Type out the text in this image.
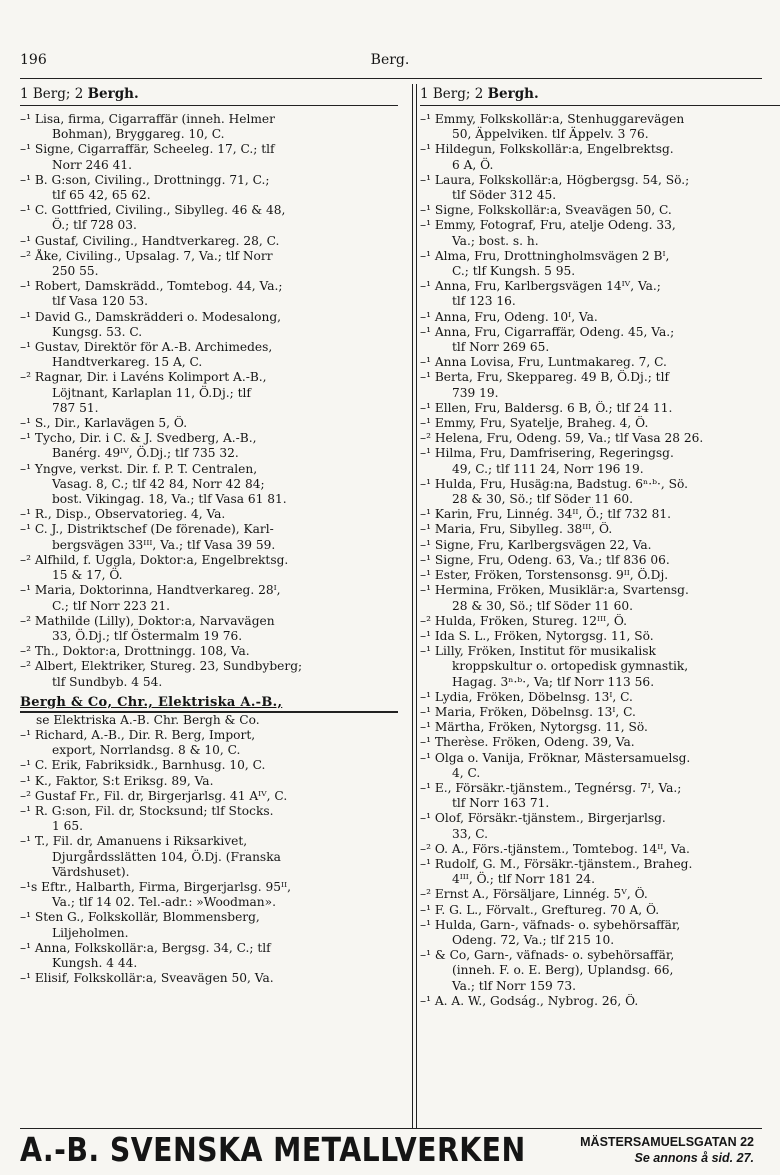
196	Berg.
1 Berg; 2 Bergh.
–¹ Lisa, firma, Cigarraffär (inneh. Helmer
Bohman), Bryggareg. 10, C.
–¹ Signe, Cigarraffär, Scheeleg. 17, C.; tlf
Norr 246 41.
–¹ B. G:son, Civiling., Drottningg. 71, C.;
tlf 65 42, 65 62.
–¹ C. Gottfried, Civiling., Sibylleg. 46 & 48,
Ö.; tlf 728 03.
–¹ Gustaf, Civiling., Handtverkareg. 28, C.
–² Åke, Civiling., Upsalag. 7, Va.; tlf Norr
250 55.
–¹ Robert, Damskrädd., Tomtebog. 44, Va.;
tlf Vasa 120 53.
–¹ David G., Damskrädderi o. Modesalong,
Kungsg. 53. C.
–¹ Gustav, Direktör för A.-B. Archimedes,
Handtverkareg. 15 A, C.
–² Ragnar, Dir. i Lavéns Kolimport A.-B.,
Löjtnant, Karlaplan 11, Ö.Dj.; tlf
787 51.
–¹ S., Dir., Karlavägen 5, Ö.
–¹ Tycho, Dir. i C. & J. Svedberg, A.-B.,
Banérg. 49ᴵⱽ, Ö.Dj.; tlf 735 32.
–¹ Yngve, verkst. Dir. f. P. T. Centralen,
Vasag. 8, C.; tlf 42 84, Norr 42 84;
bost. Vikingag. 18, Va.; tlf Vasa 61 81.
–¹ R., Disp., Observatorieg. 4, Va.
–¹ C. J., Distriktschef (De förenade), Karl-
bergsvägen 33ᴵᴵᴵ, Va.; tlf Vasa 39 59.
–² Alfhild, f. Uggla, Doktor:a, Engelbrektsg.
15 & 17, Ö.
–¹ Maria, Doktorinna, Handtverkareg. 28ᴵ,
C.; tlf Norr 223 21.
–² Mathilde (Lilly), Doktor:a, Narvavägen
33, Ö.Dj.; tlf Östermalm 19 76.
–² Th., Doktor:a, Drottningg. 108, Va.
–² Albert, Elektriker, Stureg. 23, Sundbyberg;
tlf Sundbyb. 4 54.
Bergh & Co, Chr., Elektriska A.-B.,
se Elektriska A.-B. Chr. Bergh & Co.
–¹ Richard, A.-B., Dir. R. Berg, Import,
export, Norrlandsg. 8 & 10, C.
–¹ C. Erik, Fabriksidk., Barnhusg. 10, C.
–¹ K., Faktor, S:t Eriksg. 89, Va.
–² Gustaf Fr., Fil. dr, Birgerjarlsg. 41 Aᴵⱽ, C.
–¹ R. G:son, Fil. dr, Stocksund; tlf Stocks.
1 65.
–¹ T., Fil. dr, Amanuens i Riksarkivet,
Djurgårdsslätten 104, Ö.Dj. (Franska
Värdshuset).
–¹s Eftr., Halbarth, Firma, Birgerjarlsg. 95ᴵᴵ,
Va.; tlf 14 02. Tel.-adr.: »Woodman».
–¹ Sten G., Folkskollär, Blommensberg,
Liljeholmen.
–¹ Anna, Folkskollär:a, Bergsg. 34, C.; tlf
Kungsh. 4 44.
–¹ Elisif, Folkskollär:a, Sveavägen 50, Va.
1 Berg; 2 Bergh.
–¹ Emmy, Folkskollär:a, Stenhuggarevägen
50, Äppelviken. tlf Äppelv. 3 76.
–¹ Hildegun, Folkskollär:a, Engelbrektsg.
6 A, Ö.
–¹ Laura, Folkskollär:a, Högbergsg. 54, Sö.;
tlf Söder 312 45.
–¹ Signe, Folkskollär:a, Sveavägen 50, C.
–¹ Emmy, Fotograf, Fru, atelje Odeng. 33,
Va.; bost. s. h.
–¹ Alma, Fru, Drottningholmsvägen 2 Bᴵ,
C.; tlf Kungsh. 5 95.
–¹ Anna, Fru, Karlbergsvägen 14ᴵⱽ, Va.;
tlf 123 16.
–¹ Anna, Fru, Odeng. 10ᴵ, Va.
–¹ Anna, Fru, Cigarraffär, Odeng. 45, Va.;
tlf Norr 269 65.
–¹ Anna Lovisa, Fru, Luntmakareg. 7, C.
–¹ Berta, Fru, Skeppareg. 49 B, Ö.Dj.; tlf
739 19.
–¹ Ellen, Fru, Baldersg. 6 B, Ö.; tlf 24 11.
–¹ Emmy, Fru, Syatelje, Braheg. 4, Ö.
–² Helena, Fru, Odeng. 59, Va.; tlf Vasa 28 26.
–¹ Hilma, Fru, Damfrisering, Regeringsg.
49, C.; tlf 111 24, Norr 196 19.
–¹ Hulda, Fru, Husäg:na, Badstug. 6ⁿ·ᵇ·, Sö.
28 & 30, Sö.; tlf Söder 11 60.
–¹ Karin, Fru, Linnég. 34ᴵᴵ, Ö.; tlf 732 81.
–¹ Maria, Fru, Sibylleg. 38ᴵᴵᴵ, Ö.
–¹ Signe, Fru, Karlbergsvägen 22, Va.
–¹ Signe, Fru, Odeng. 63, Va.; tlf 836 06.
–¹ Ester, Fröken, Torstensonsg. 9ᴵᴵ, Ö.Dj.
–¹ Hermina, Fröken, Musiklär:a, Svartensg.
28 & 30, Sö.; tlf Söder 11 60.
–² Hulda, Fröken, Stureg. 12ᴵᴵᴵ, Ö.
–¹ Ida S. L., Fröken, Nytorgsg. 11, Sö.
–¹ Lilly, Fröken, Institut för musikalisk
kroppskultur o. ortopedisk gymnastik,
Hagag. 3ⁿ·ᵇ·, Va; tlf Norr 113 56.
–¹ Lydia, Fröken, Döbelnsg. 13ᴵ, C.
–¹ Maria, Fröken, Döbelnsg. 13ᴵ, C.
–¹ Märtha, Fröken, Nytorgsg. 11, Sö.
–¹ Therèse. Fröken, Odeng. 39, Va.
–¹ Olga o. Vanija, Fröknar, Mästersamuelsg.
4, C.
–¹ E., Försäkr.-tjänstem., Tegnérsg. 7ᴵ, Va.;
tlf Norr 163 71.
–¹ Olof, Försäkr.-tjänstem., Birgerjarlsg.
33, C.
–² O. A., Förs.-tjänstem., Tomtebog. 14ᴵᴵ, Va.
–¹ Rudolf, G. M., Försäkr.-tjänstem., Braheg.
4ᴵᴵᴵ, Ö.; tlf Norr 181 24.
–² Ernst A., Försäljare, Linnég. 5ⱽ, Ö.
–¹ F. G. L., Förvalt., Greftureg. 70 A, Ö.
–¹ Hulda, Garn-, väfnads- o. sybehörsaffär,
Odeng. 72, Va.; tlf 215 10.
–¹ & Co, Garn-, väfnads- o. sybehörsaffär,
(inneh. F. o. E. Berg), Uplandsg. 66,
Va.; tlf Norr 159 73.
–¹ A. A. W., Godság., Nybrog. 26, Ö.
A.-B. SVENSKA METALLVERKEN	MÄSTERSAMUELSGATAN 22
Se annons å sid. 27.
